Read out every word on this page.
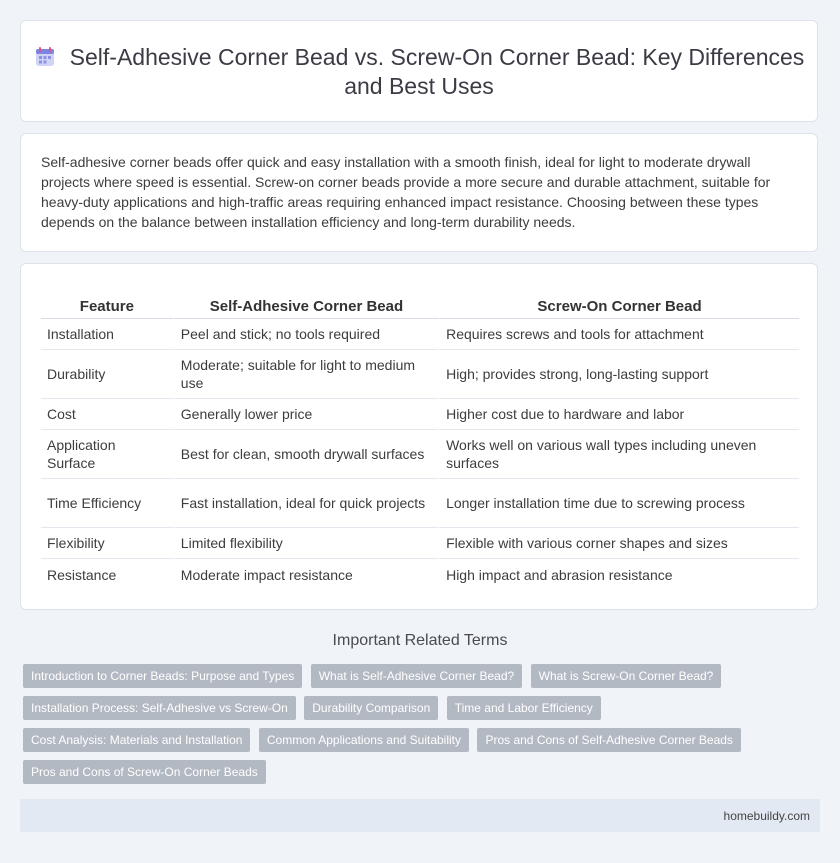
Self-Adhesive Corner Bead vs. Screw-On Corner Bead: Key Differences and Best Uses

Self-adhesive corner beads offer quick and easy installation with a smooth finish, ideal for light to moderate drywall projects where speed is essential. Screw-on corner beads provide a more secure and durable attachment, suitable for heavy-duty applications and high-traffic areas requiring enhanced impact resistance. Choosing between these types depends on the balance between installation efficiency and long-term durability needs.

Feature	Self-Adhesive Corner Bead	Screw-On Corner Bead
Installation	Peel and stick; no tools required	Requires screws and tools for attachment
Durability	Moderate; suitable for light to medium use	High; provides strong, long-lasting support
Cost	Generally lower price	Higher cost due to hardware and labor
Application Surface	Best for clean, smooth drywall surfaces	Works well on various wall types including uneven surfaces
Time Efficiency	Fast installation, ideal for quick projects	Longer installation time due to screwing process
Flexibility	Limited flexibility	Flexible with various corner shapes and sizes
Resistance	Moderate impact resistance	High impact and abrasion resistance
Important Related Terms
Introduction to Corner Beads: Purpose and Types What is Self-Adhesive Corner Bead? What is Screw-On Corner Bead? Installation Process: Self-Adhesive vs Screw-On Durability Comparison Time and Labor Efficiency Cost Analysis: Materials and Installation Common Applications and Suitability Pros and Cons of Self-Adhesive Corner Beads Pros and Cons of Screw-On Corner Beads
homebuildy.com
